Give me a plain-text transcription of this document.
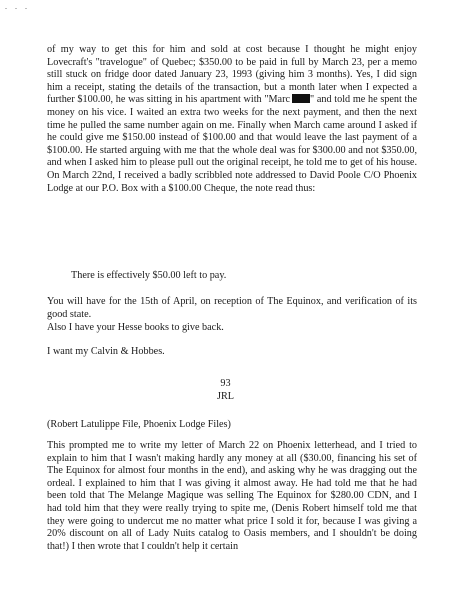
. . .

of my way to get this for him and sold at cost because I thought he might enjoy Lovecraft's "travelogue" of Quebec; $350.00 to be paid in full by March 23, per a memo still stuck on fridge door dated January 23, 1993 (giving him 3 months). Yes, I did sign him a receipt, stating the details of the transaction, but a month later when I expected a further $100.00, he was sitting in his apartment with "Marc " and told me he spent the money on his vice. I waited an extra two weeks for the next payment, and then the next time he pulled the same number again on me. Finally when March came around I asked if he could give me $150.00 instead of $100.00 and that would leave the last payment of a $100.00. He started arguing with me that the whole deal was for $300.00 and not $350.00, and when I asked him to please pull out the original receipt, he told me to get of his house. On March 22nd, I received a badly scribbled note addressed to David Poole C/O Phoenix Lodge at our P.O. Box with a $100.00 Cheque, the note read thus:

There is effectively $50.00 left to pay.

You will have for the 15th of April, on reception of The Equinox, and verification of its good state.

Also I have your Hesse books to give back.

I want my Calvin & Hobbes.

93
JRL

(Robert Latulippe File, Phoenix Lodge Files)

This prompted me to write my letter of March 22 on Phoenix letterhead, and I tried to explain to him that I wasn't making hardly any money at all ($30.00, financing his set of The Equinox for almost four months in the end), and asking why he was dragging out the ordeal. I explained to him that I was giving it almost away. He had told me that he had been told that The Melange Magique was selling The Equinox for $280.00 CDN, and I had told him that they were really trying to spite me, (Denis Robert himself told me that they were going to undercut me no matter what price I sold it for, because I was giving a 20% discount on all of Lady Nuits catalog to Oasis members, and I shouldn't be doing that!) I then wrote that I couldn't help it certain
